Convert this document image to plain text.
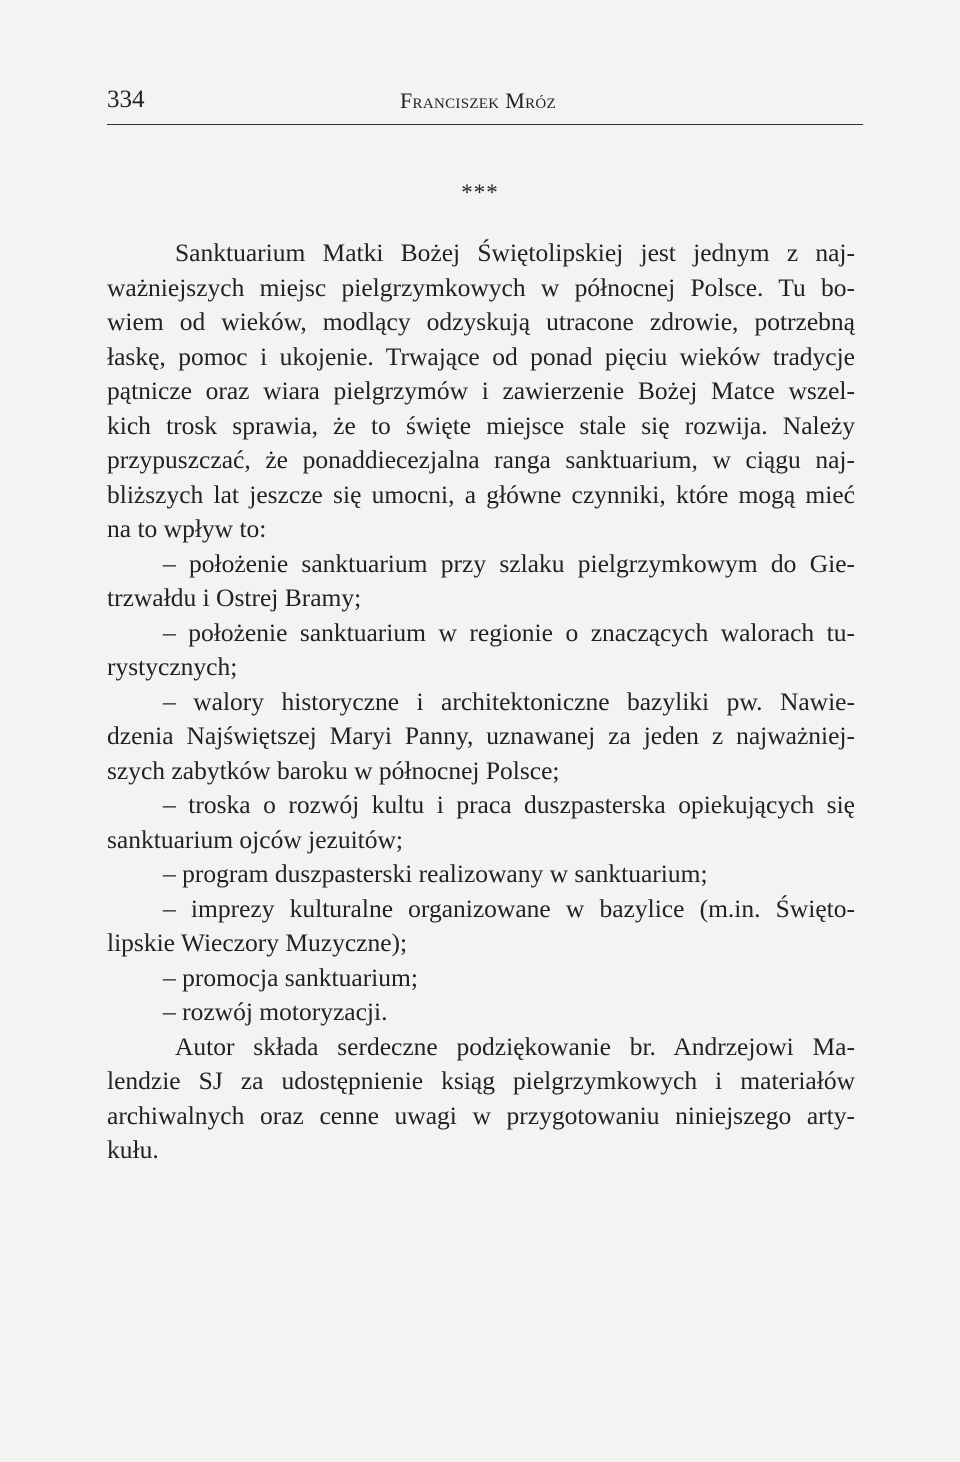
334	Franciszek Mróz
***
Sanktuarium Matki Bożej Świętolipskiej jest jednym z naj-
ważniejszych miejsc pielgrzymkowych w północnej Polsce. Tu bo-
wiem od wieków, modlący odzyskują utracone zdrowie, potrzebną
łaskę, pomoc i ukojenie. Trwające od ponad pięciu wieków tradycje
pątnicze oraz wiara pielgrzymów i zawierzenie Bożej Matce wszel-
kich trosk sprawia, że to święte miejsce stale się rozwija. Należy
przypuszczać, że ponaddiecezjalna ranga sanktuarium, w ciągu naj-
bliższych lat jeszcze się umocni, a główne czynniki, które mogą mieć
na to wpływ to:
– położenie sanktuarium przy szlaku pielgrzymkowym do Gie-
trzwałdu i Ostrej Bramy;
– położenie sanktuarium w regionie o znaczących walorach tu-
rystycznych;
– walory historyczne i architektoniczne bazyliki pw. Nawie-
dzenia Najświętszej Maryi Panny, uznawanej za jeden z najważniej-
szych zabytków baroku w północnej Polsce;
– troska o rozwój kultu i praca duszpasterska opiekujących się
sanktuarium ojców jezuitów;
– program duszpasterski realizowany w sanktuarium;
– imprezy kulturalne organizowane w bazylice (m.in. Święto-
lipskie Wieczory Muzyczne);
– promocja sanktuarium;
– rozwój motoryzacji.
Autor składa serdeczne podziękowanie br. Andrzejowi Ma-
lendzie SJ za udostępnienie ksiąg pielgrzymkowych i materiałów
archiwalnych oraz cenne uwagi w przygotowaniu niniejszego arty-
kułu.
